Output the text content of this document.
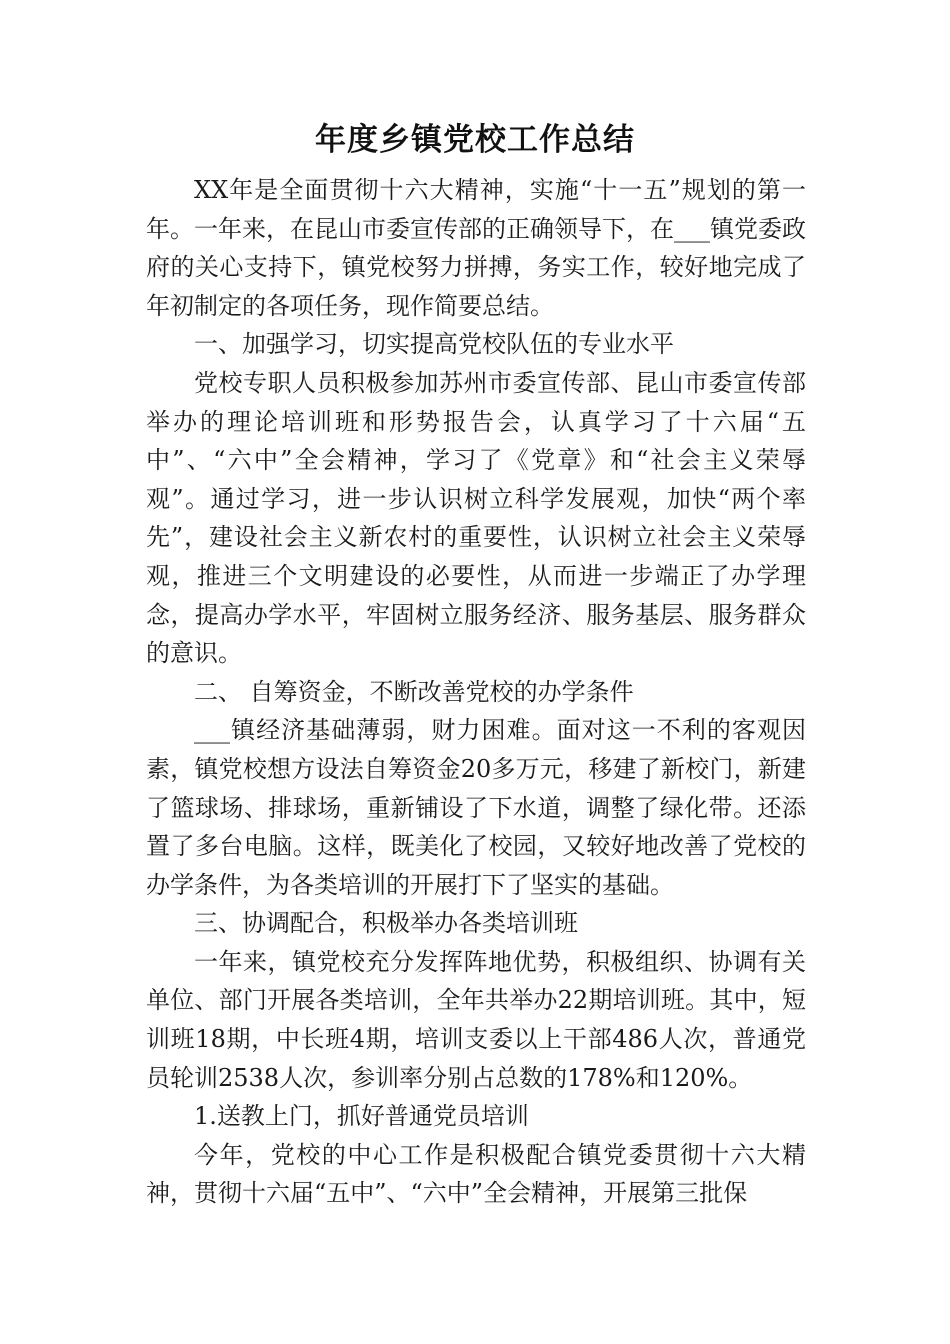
年度乡镇党校工作总结

XX年是全面贯彻十六大精神，实施“十一五”规划的第一年。一年来，在昆山市委宣传部的正确领导下，在___镇党委政府的关心支持下，镇党校努力拼搏，务实工作，较好地完成了年初制定的各项任务，现作简要总结。

一、加强学习，切实提高党校队伍的专业水平

党校专职人员积极参加苏州市委宣传部、昆山市委宣传部举办的理论培训班和形势报告会，认真学习了十六届“五中”、“六中”全会精神，学习了《党章》和“社会主义荣辱观”。通过学习，进一步认识树立科学发展观，加快“两个率先”，建设社会主义新农村的重要性，认识树立社会主义荣辱观，推进三个文明建设的必要性，从而进一步端正了办学理念，提高办学水平，牢固树立服务经济、服务基层、服务群众的意识。

二、 自筹资金，不断改善党校的办学条件

___镇经济基础薄弱，财力困难。面对这一不利的客观因素，镇党校想方设法自筹资金20多万元，移建了新校门，新建了篮球场、排球场，重新铺设了下水道，调整了绿化带。还添置了多台电脑。这样，既美化了校园，又较好地改善了党校的办学条件，为各类培训的开展打下了坚实的基础。

三、协调配合，积极举办各类培训班

一年来，镇党校充分发挥阵地优势，积极组织、协调有关单位、部门开展各类培训，全年共举办22期培训班。其中，短训班18期，中长班4期，培训支委以上干部486人次，普通党员轮训2538人次，参训率分别占总数的178%和120%。

1.送教上门，抓好普通党员培训

今年，党校的中心工作是积极配合镇党委贯彻十六大精神，贯彻十六届“五中”、“六中”全会精神，开展第三批保
